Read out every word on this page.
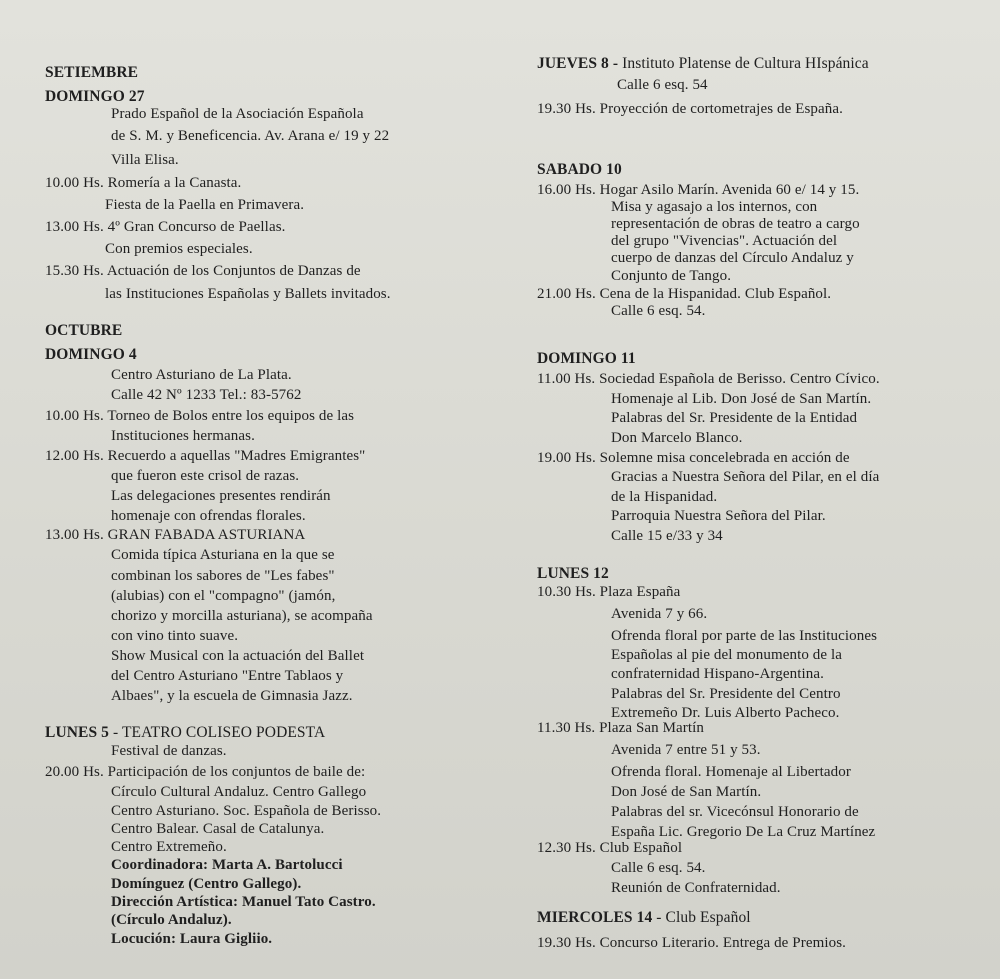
SETIEMBRE
DOMINGO 27
Prado Español de la Asociación Española
de S. M. y Beneficencia. Av. Arana e/ 19 y 22
Villa Elisa.
10.00 Hs. Romería a la Canasta.
Fiesta de la Paella en Primavera.
13.00 Hs. 4º Gran Concurso de Paellas.
Con premios especiales.
15.30 Hs. Actuación de los Conjuntos de Danzas de
las Instituciones Españolas y Ballets invitados.
OCTUBRE
DOMINGO 4
Centro Asturiano de La Plata.
Calle 42 Nº 1233 Tel.: 83-5762
10.00 Hs. Torneo de Bolos entre los equipos de las
Instituciones hermanas.
12.00 Hs. Recuerdo a aquellas "Madres Emigrantes"
que fueron este crisol de razas.
Las delegaciones presentes rendirán
homenaje con ofrendas florales.
13.00 Hs. GRAN FABADA ASTURIANA
Comida típica Asturiana en la que se
combinan los sabores de "Les fabes"
(alubias) con el "compagno" (jamón,
chorizo y morcilla asturiana), se acompaña
con vino tinto suave.
Show Musical con la actuación del Ballet
del Centro Asturiano "Entre Tablaos y
Albaes", y la escuela de Gimnasia Jazz.
LUNES 5 - TEATRO COLISEO PODESTA
Festival de danzas.
20.00 Hs. Participación de los conjuntos de baile de:
Círculo Cultural Andaluz. Centro Gallego
Centro Asturiano. Soc. Española de Berisso.
Centro Balear. Casal de Catalunya.
Centro Extremeño.
Coordinadora: Marta A. Bartolucci
Domínguez (Centro Gallego).
Dirección Artística: Manuel Tato Castro.
(Círculo Andaluz).
Locución: Laura Gigliio.
JUEVES 8 - Instituto Platense de Cultura HIspánica
Calle 6 esq. 54
19.30 Hs. Proyección de cortometrajes de España.
SABADO 10
16.00 Hs. Hogar Asilo Marín. Avenida 60 e/ 14 y 15.
Misa y agasajo a los internos, con
representación de obras de teatro a cargo
del grupo "Vivencias". Actuación del
cuerpo de danzas del Círculo Andaluz y
Conjunto de Tango.
21.00 Hs. Cena de la Hispanidad. Club Español.
Calle 6 esq. 54.
DOMINGO 11
11.00 Hs. Sociedad Española de Berisso. Centro Cívico.
Homenaje al Lib. Don José de San Martín.
Palabras del Sr. Presidente de la Entidad
Don Marcelo Blanco.
19.00 Hs. Solemne misa concelebrada en acción de
Gracias a Nuestra Señora del Pilar, en el día
de la Hispanidad.
Parroquia Nuestra Señora del Pilar.
Calle 15 e/33 y 34
LUNES 12
10.30 Hs. Plaza España
Avenida 7 y 66.
Ofrenda floral por parte de las Instituciones
Españolas al pie del monumento de la
confraternidad Hispano-Argentina.
Palabras del Sr. Presidente del Centro
Extremeño Dr. Luis Alberto Pacheco.
11.30 Hs. Plaza San Martín
Avenida 7 entre 51 y 53.
Ofrenda floral. Homenaje al Libertador
Don José de San Martín.
Palabras del sr. Vicecónsul Honorario de
España Lic. Gregorio De La Cruz Martínez
12.30 Hs. Club Español
Calle 6 esq. 54.
Reunión de Confraternidad.
MIERCOLES 14 - Club Español
19.30 Hs. Concurso Literario. Entrega de Premios.
